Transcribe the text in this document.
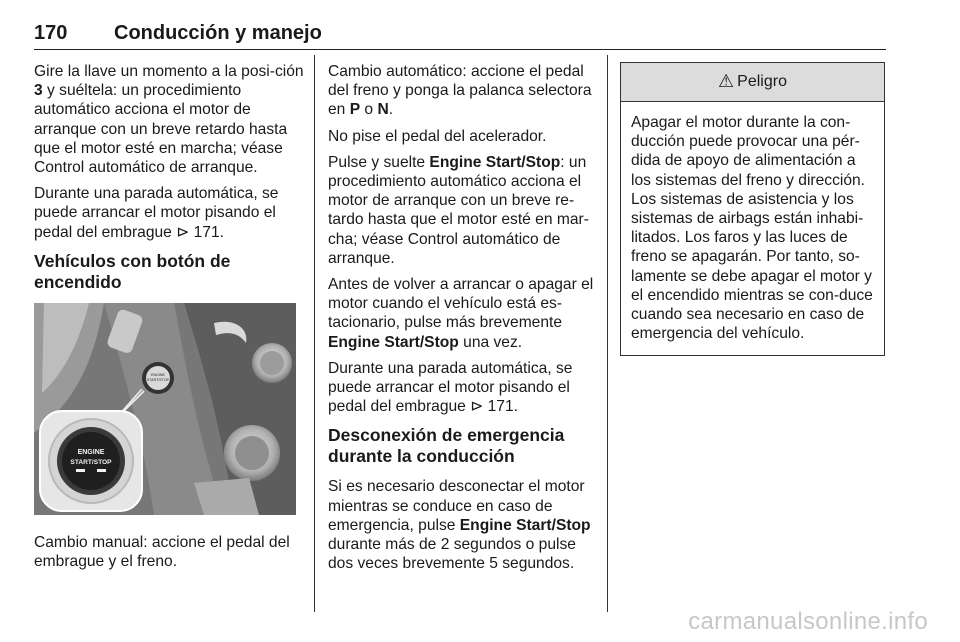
170 Conducción y manejo

Gire la llave un momento a la posi‐ción 3 y suéltela: un procedimiento automático acciona el motor de arranque con un breve retardo hasta que el motor esté en marcha; véase Control automático de arranque.

Durante una parada automática, se puede arrancar el motor pisando el pedal del embrague ⊳ 171.

Vehículos con botón de encendido
ENGINE
START/STOP
ENGINE
START/STOP

Cambio manual: accione el pedal del embrague y el freno.

Cambio automático: accione el pedal del freno y ponga la palanca selectora en P o N.

No pise el pedal del acelerador.

Pulse y suelte Engine Start/Stop: un procedimiento automático acciona el motor de arranque con un breve re‐tardo hasta que el motor esté en mar‐cha; véase Control automático de arranque.

Antes de volver a arrancar o apagar el motor cuando el vehículo está es‐tacionario, pulse más brevemente Engine Start/Stop una vez.

Durante una parada automática, se puede arrancar el motor pisando el pedal del embrague ⊳ 171.

Desconexión de emergencia durante la conducción

Si es necesario desconectar el motor mientras se conduce en caso de emergencia, pulse Engine Start/Stop durante más de 2 segundos o pulse dos veces brevemente 5 segundos.

⚠ Peligro
Apagar el motor durante la con‐ducción puede provocar una pér‐dida de apoyo de alimentación a los sistemas del freno y dirección. Los sistemas de asistencia y los sistemas de airbags están inhabi‐litados. Los faros y las luces de freno se apagarán. Por tanto, so‐lamente se debe apagar el motor y el encendido mientras se con‐duce cuando sea necesario en caso de emergencia del vehículo.
carmanualsonline.info
